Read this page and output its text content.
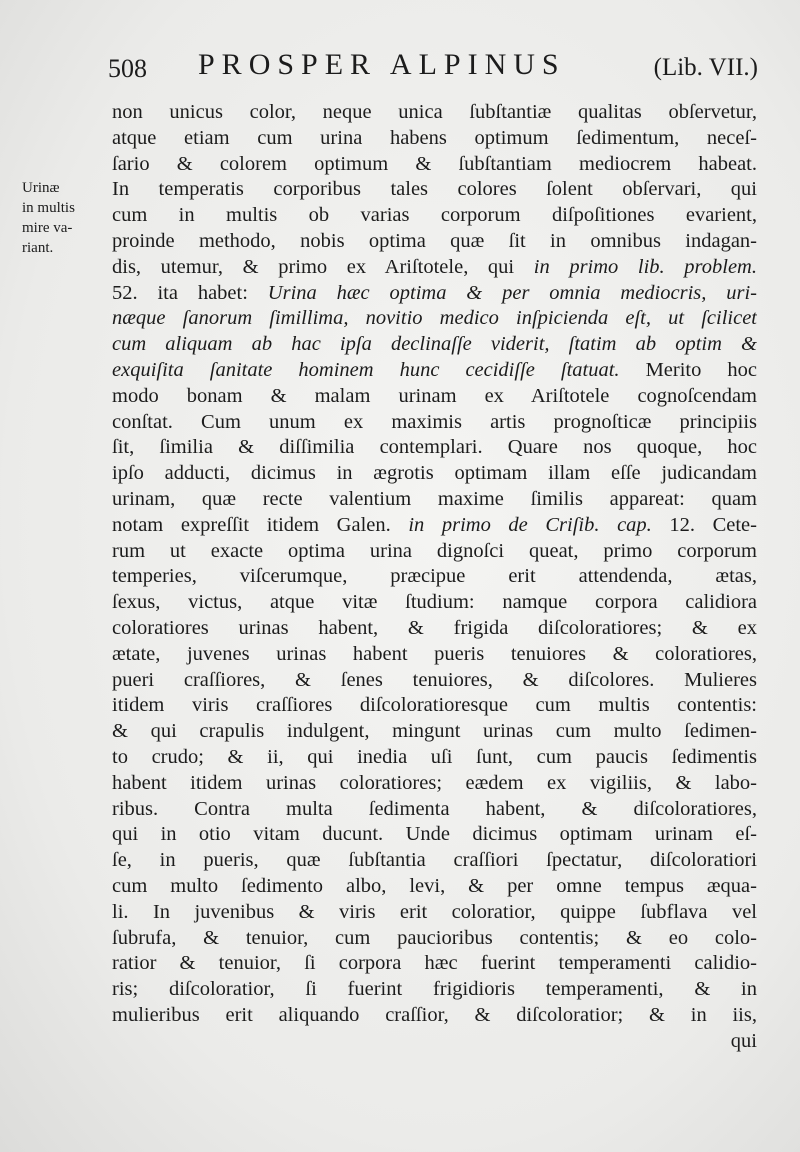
508 PROSPER ALPINUS	(Lib. VII.)
Urinæ
in multis
mire va-
riant.
non unicus color, neque unica ſubſtantiæ qualitas obſervetur,
atque etiam cum urina habens optimum ſedimentum, neceſ-
ſario & colorem optimum & ſubſtantiam mediocrem habeat.
In temperatis corporibus tales colores ſolent obſervari, qui
cum in multis ob varias corporum diſpoſitiones evarient,
proinde methodo, nobis optima quæ ſit in omnibus indagan-
dis, utemur, & primo ex Ariſtotele, qui in primo lib. problem.
52. ita habet: Urina hæc optima & per omnia mediocris, uri-
næque ſanorum ſimillima, novitio medico inſpicienda eſt, ut ſcilicet
cum aliquam ab hac ipſa declinaſſe viderit, ſtatim ab optim &
exquiſita ſanitate hominem hunc cecidiſſe ſtatuat. Merito hoc
modo bonam & malam urinam ex Ariſtotele cognoſcendam
conſtat. Cum unum ex maximis artis prognoſticæ principiis
ſit, ſimilia & diſſimilia contemplari. Quare nos quoque, hoc
ipſo adducti, dicimus in ægrotis optimam illam eſſe judicandam
urinam, quæ recte valentium maxime ſimilis appareat: quam
notam expreſſit itidem Galen. in primo de Criſib. cap. 12. Cete-
rum ut exacte optima urina dignoſci queat, primo corporum
temperies, viſcerumque, præcipue erit attendenda, ætas,
ſexus, victus, atque vitæ ſtudium: namque corpora calidiora
coloratiores urinas habent, & frigida diſcoloratiores; & ex
ætate, juvenes urinas habent pueris tenuiores & coloratiores,
pueri craſſiores, & ſenes tenuiores, & diſcolores. Mulieres
itidem viris craſſiores diſcoloratioresque cum multis contentis:
& qui crapulis indulgent, mingunt urinas cum multo ſedimen-
to crudo; & ii, qui inedia uſi ſunt, cum paucis ſedimentis
habent itidem urinas coloratiores; eædem ex vigiliis, & labo-
ribus. Contra multa ſedimenta habent, & diſcoloratiores,
qui in otio vitam ducunt. Unde dicimus optimam urinam eſ-
ſe, in pueris, quæ ſubſtantia craſſiori ſpectatur, diſcoloratiori
cum multo ſedimento albo, levi, & per omne tempus æqua-
li. In juvenibus & viris erit coloratior, quippe ſubflava vel
ſubrufa, & tenuior, cum paucioribus contentis; & eo colo-
ratior & tenuior, ſi corpora hæc fuerint temperamenti calidio-
ris; diſcoloratior, ſi fuerint frigidioris temperamenti, & in
mulieribus erit aliquando craſſior, & diſcoloratior; & in iis,
qui
